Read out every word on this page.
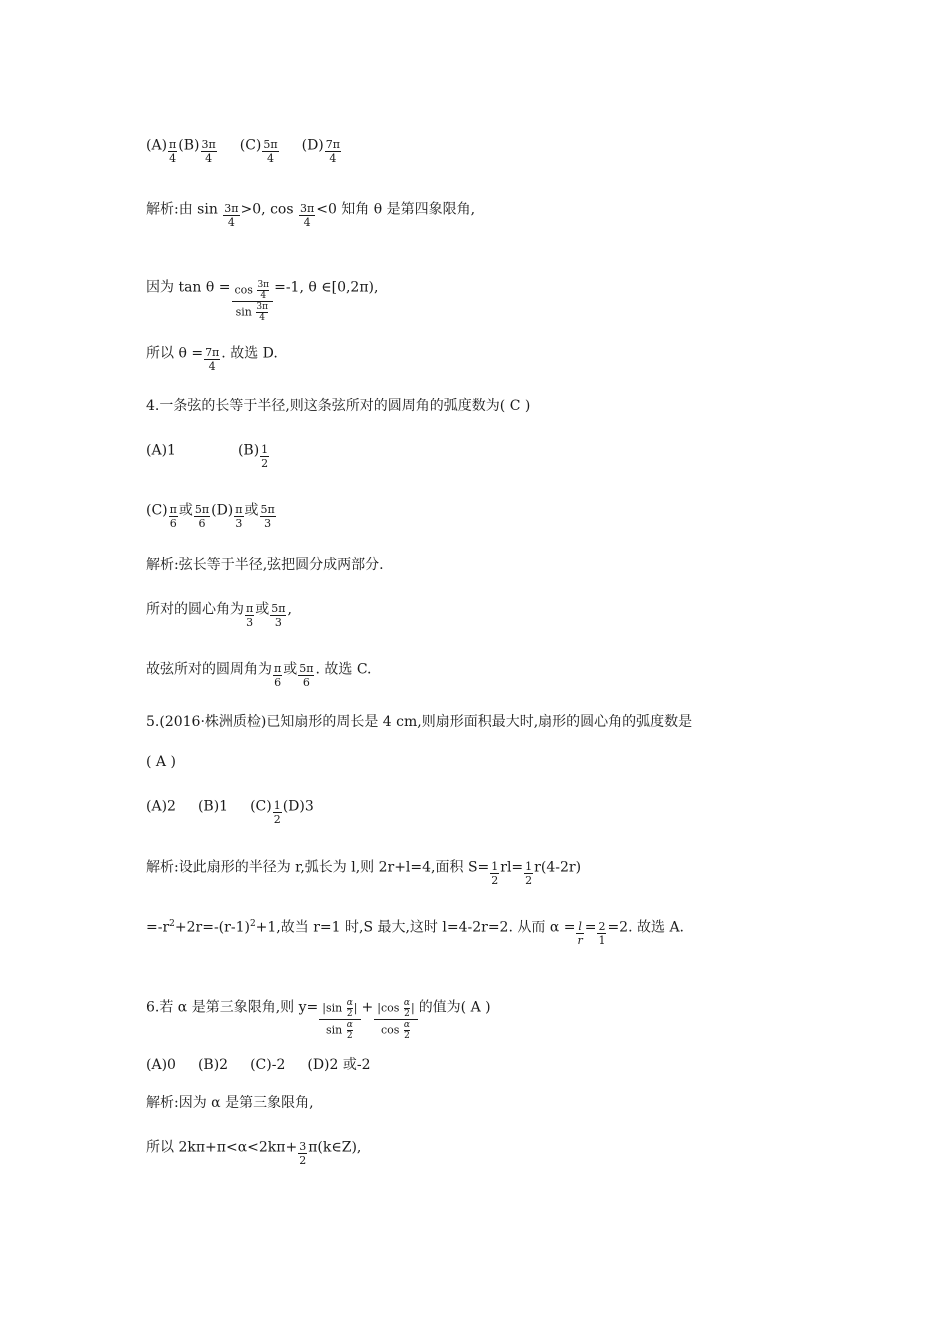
$(A) \frac{\pi}{4} (B) \frac{3\pi}{4} (C) \frac{5\pi}{4} (D) \frac{7\pi}{4}$
解析:由 $\sin \frac{3\pi}{4} >0$, $\cos \frac{3\pi}{4} <0$ 知角 θ 是第四象限角,
因为 $\tan \theta = \frac{\cos \frac{3\pi}{4}}{\sin \frac{3\pi}{4}} =-1$, θ ∈[0,2π),
所以 $\theta = \frac{7\pi}{4}$ . 故选 D.
4.一条弦的长等于半径,则这条弦所对的圆周角的弧度数为( C )
(A)1	$(B) \frac{1}{2}$
$(C) \frac{\pi}{6}$ 或 $\frac{5\pi}{6} (D) \frac{\pi}{3}$ 或 $\frac{5\pi}{3}$
解析:弦长等于半径,弦把圆分成两部分.
所对的圆心角为 $\frac{\pi}{3}$ 或 $\frac{5\pi}{3}$ ,
故弦所对的圆周角为 $\frac{\pi}{6}$ 或 $\frac{5\pi}{6}$ . 故选 C.
5.(2016·株洲质检)已知扇形的周长是 4 cm,则扇形面积最大时,扇形的圆心角的弧度数是
( A )
(A)2 (B)1 $(C) \frac{1}{2} (D)3$
解析:设此扇形的半径为 r,弧长为 l,则 2r+l=4,面积 $S= \frac{1}{2} rl= \frac{1}{2} r(4-2r)$
$=-r^2+2r=-(r-1)^2+1$,故当 r=1 时,S 最大,这时 l=4-2r=2. 从而 $\alpha = \frac{l}{r} = \frac{2}{1} =2$. 故选 A.
6.若 α 是第三象限角,则 $y= \frac{|\sin \frac{\alpha}{2} |}{\sin \frac{\alpha}{2}} + \frac{|\cos \frac{\alpha}{2} |}{\cos \frac{\alpha}{2}}$ 的值为( A )
(A)0 (B)2 (C)-2 (D)2 或-2
解析:因为 α 是第三象限角,
所以 $2k\pi+\pi<\alpha<2k\pi+ \frac{3}{2}$ π(k∈Z),
